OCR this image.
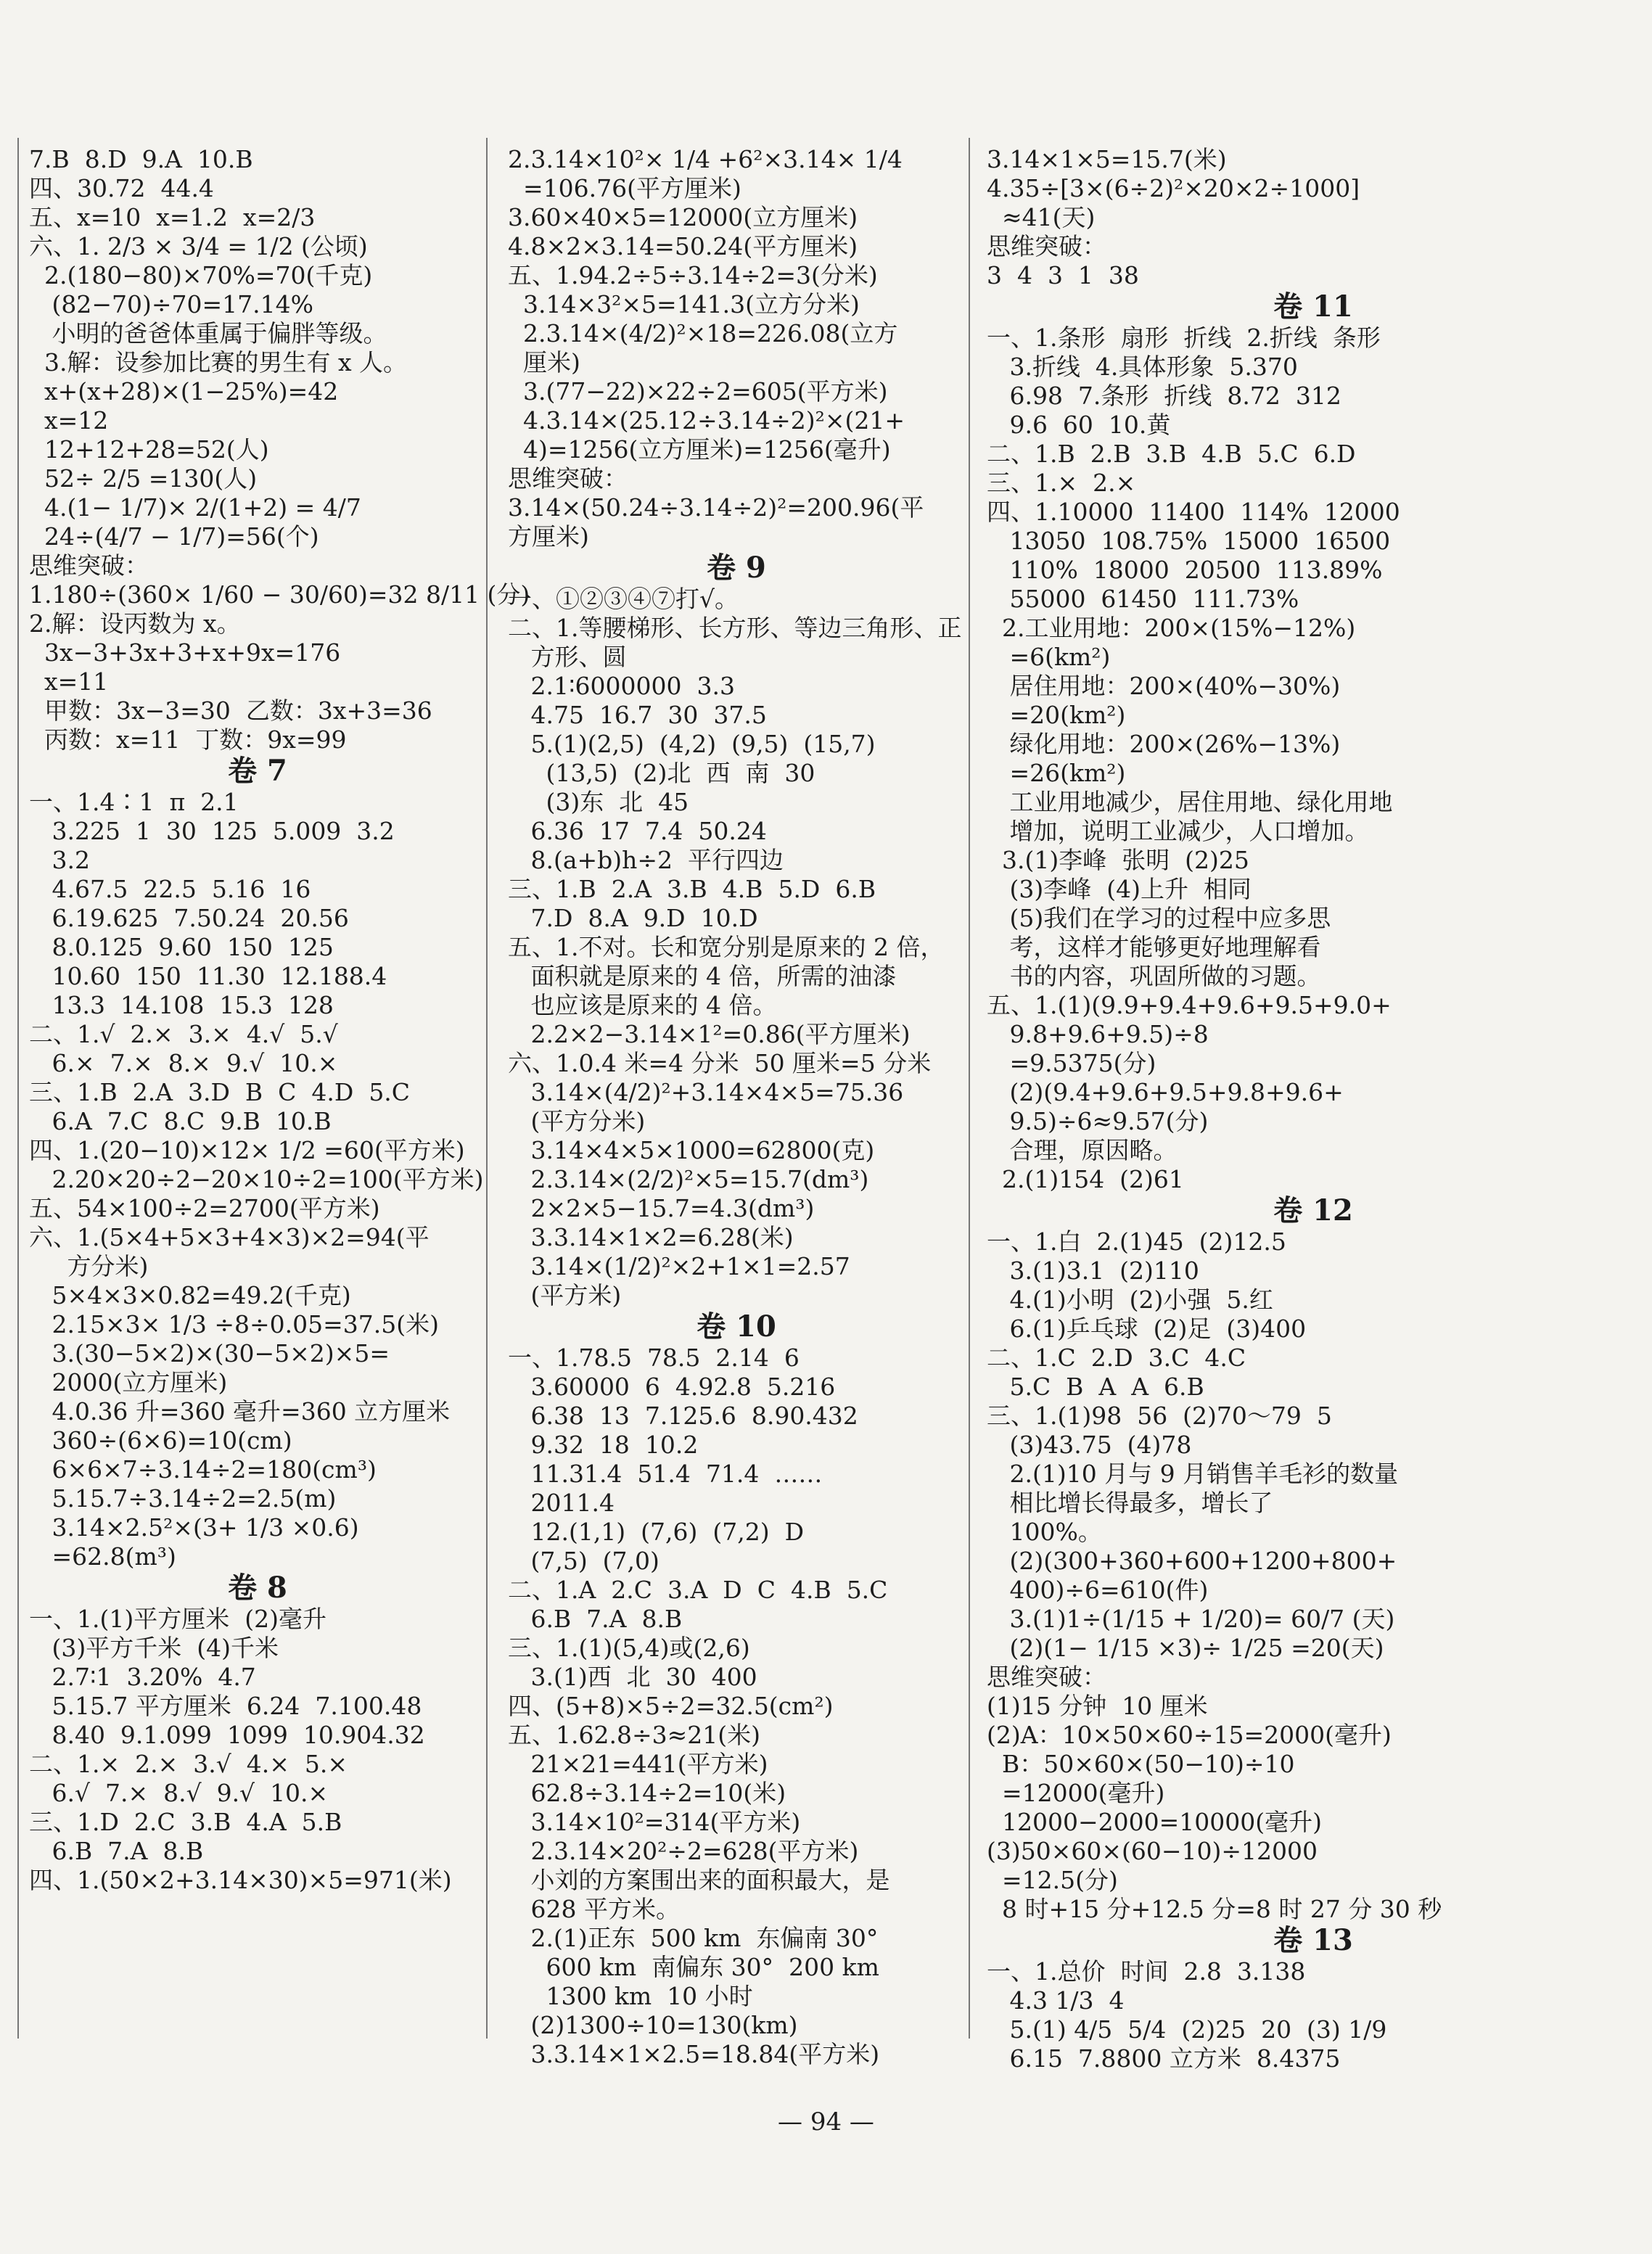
7.B  8.D  9.A  10.B
四、30.72  44.4
五、x=10  x=1.2  x=2/3
六、1. 2/3 × 3/4 = 1/2 (公顷)
2.(180−80)×70%=70(千克)
(82−70)÷70=17.14%
小明的爸爸体重属于偏胖等级。
3.解：设参加比赛的男生有 x 人。
x+(x+28)×(1−25%)=42
x=12
12+12+28=52(人)
52÷ 2/5 =130(人)
4.(1− 1/7)× 2/(1+2) = 4/7
24÷(4/7 − 1/7)=56(个)
思维突破：
1.180÷(360× 1/60 − 30/60)=32 8/11 (分)
2.解：设丙数为 x。
3x−3+3x+3+x+9x=176
x=11
甲数：3x−3=30  乙数：3x+3=36
丙数：x=11  丁数：9x=99
卷 7
一、1.4∶1  π  2.1
3.225  1  30  125  5.009  3.2
3.2
4.67.5  22.5  5.16  16
6.19.625  7.50.24  20.56
8.0.125  9.60  150  125
10.60  150  11.30  12.188.4
13.3  14.108  15.3  128
二、1.√  2.×  3.×  4.√  5.√
6.×  7.×  8.×  9.√  10.×
三、1.B  2.A  3.D  B  C  4.D  5.C
6.A  7.C  8.C  9.B  10.B
四、1.(20−10)×12× 1/2 =60(平方米)
2.20×20÷2−20×10÷2=100(平方米)
五、54×100÷2=2700(平方米)
六、1.(5×4+5×3+4×3)×2=94(平
方分米)
5×4×3×0.82=49.2(千克)
2.15×3× 1/3 ÷8÷0.05=37.5(米)
3.(30−5×2)×(30−5×2)×5=
2000(立方厘米)
4.0.36 升=360 毫升=360 立方厘米
360÷(6×6)=10(cm)
6×6×7÷3.14÷2=180(cm³)
5.15.7÷3.14÷2=2.5(m)
3.14×2.5²×(3+ 1/3 ×0.6)
=62.8(m³)
卷 8
一、1.(1)平方厘米  (2)毫升
(3)平方千米  (4)千米
2.7∶1  3.20%  4.7
5.15.7 平方厘米  6.24  7.100.48
8.40  9.1.099  1099  10.904.32
二、1.×  2.×  3.√  4.×  5.×
6.√  7.×  8.√  9.√  10.×
三、1.D  2.C  3.B  4.A  5.B
6.B  7.A  8.B
四、1.(50×2+3.14×30)×5=971(米)
2.3.14×10²× 1/4 +6²×3.14× 1/4
=106.76(平方厘米)
3.60×40×5=12000(立方厘米)
4.8×2×3.14=50.24(平方厘米)
五、1.94.2÷5÷3.14÷2=3(分米)
3.14×3²×5=141.3(立方分米)
2.3.14×(4/2)²×18=226.08(立方
厘米)
3.(77−22)×22÷2=605(平方米)
4.3.14×(25.12÷3.14÷2)²×(21+
4)=1256(立方厘米)=1256(毫升)
思维突破：
3.14×(50.24÷3.14÷2)²=200.96(平
方厘米)
卷 9
一、①②③④⑦打√。
二、1.等腰梯形、长方形、等边三角形、正
方形、圆
2.1∶6000000  3.3
4.75  16.7  30  37.5
5.(1)(2,5)  (4,2)  (9,5)  (15,7)
(13,5)  (2)北  西  南  30
(3)东  北  45
6.36  17  7.4  50.24
8.(a+b)h÷2  平行四边
三、1.B  2.A  3.B  4.B  5.D  6.B
7.D  8.A  9.D  10.D
五、1.不对。长和宽分别是原来的 2 倍，
面积就是原来的 4 倍，所需的油漆
也应该是原来的 4 倍。
2.2×2−3.14×1²=0.86(平方厘米)
六、1.0.4 米=4 分米  50 厘米=5 分米
3.14×(4/2)²+3.14×4×5=75.36
(平方分米)
3.14×4×5×1000=62800(克)
2.3.14×(2/2)²×5=15.7(dm³)
2×2×5−15.7=4.3(dm³)
3.3.14×1×2=6.28(米)
3.14×(1/2)²×2+1×1=2.57
(平方米)
卷 10
一、1.78.5  78.5  2.14  6
3.60000  6  4.92.8  5.216
6.38  13  7.125.6  8.90.432
9.32  18  10.2
11.31.4  51.4  71.4  ……
2011.4
12.(1,1)  (7,6)  (7,2)  D
(7,5)  (7,0)
二、1.A  2.C  3.A  D  C  4.B  5.C
6.B  7.A  8.B
三、1.(1)(5,4)或(2,6)
3.(1)西  北  30  400
四、(5+8)×5÷2=32.5(cm²)
五、1.62.8÷3≈21(米)
21×21=441(平方米)
62.8÷3.14÷2=10(米)
3.14×10²=314(平方米)
2.3.14×20²÷2=628(平方米)
小刘的方案围出来的面积最大，是
628 平方米。
2.(1)正东  500 km  东偏南 30°
600 km  南偏东 30°  200 km
1300 km  10 小时
(2)1300÷10=130(km)
3.3.14×1×2.5=18.84(平方米)
3.14×1×5=15.7(米)
4.35÷[3×(6÷2)²×20×2÷1000]
≈41(天)
思维突破：
3  4  3  1  38
卷 11
一、1.条形  扇形  折线  2.折线  条形
3.折线  4.具体形象  5.370
6.98  7.条形  折线  8.72  312
9.6  60  10.黄
二、1.B  2.B  3.B  4.B  5.C  6.D
三、1.×  2.×
四、1.10000  11400  114%  12000
13050  108.75%  15000  16500
110%  18000  20500  113.89%
55000  61450  111.73%
2.工业用地：200×(15%−12%)
=6(km²)
居住用地：200×(40%−30%)
=20(km²)
绿化用地：200×(26%−13%)
=26(km²)
工业用地减少，居住用地、绿化用地
增加，说明工业减少，人口增加。
3.(1)李峰  张明  (2)25
(3)李峰  (4)上升  相同
(5)我们在学习的过程中应多思
考，这样才能够更好地理解看
书的内容，巩固所做的习题。
五、1.(1)(9.9+9.4+9.6+9.5+9.0+
9.8+9.6+9.5)÷8
=9.5375(分)
(2)(9.4+9.6+9.5+9.8+9.6+
9.5)÷6≈9.57(分)
合理，原因略。
2.(1)154  (2)61
卷 12
一、1.白  2.(1)45  (2)12.5
3.(1)3.1  (2)110
4.(1)小明  (2)小强  5.红
6.(1)乒乓球  (2)足  (3)400
二、1.C  2.D  3.C  4.C
5.C  B  A  A  6.B
三、1.(1)98  56  (2)70～79  5
(3)43.75  (4)78
2.(1)10 月与 9 月销售羊毛衫的数量
相比增长得最多，增长了
100%。
(2)(300+360+600+1200+800+
400)÷6=610(件)
3.(1)1÷(1/15 + 1/20)= 60/7 (天)
(2)(1− 1/15 ×3)÷ 1/25 =20(天)
思维突破：
(1)15 分钟  10 厘米
(2)A：10×50×60÷15=2000(毫升)
B：50×60×(50−10)÷10
=12000(毫升)
12000−2000=10000(毫升)
(3)50×60×(60−10)÷12000
=12.5(分)
8 时+15 分+12.5 分=8 时 27 分 30 秒
卷 13
一、1.总价  时间  2.8  3.138
4.3 1/3  4
5.(1) 4/5  5/4  (2)25  20  (3) 1/9
6.15  7.8800 立方米  8.4375
— 94 —
